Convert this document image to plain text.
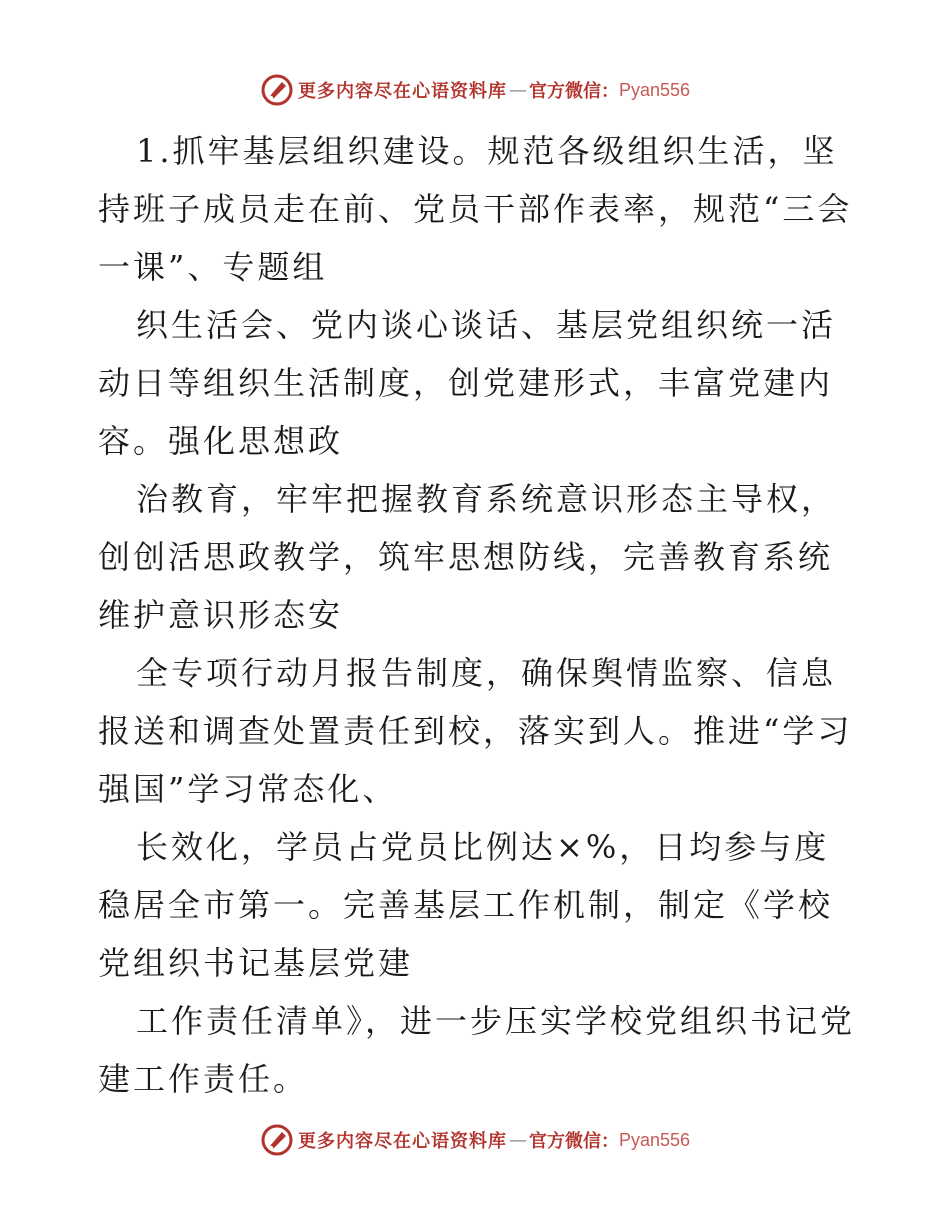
更多内容尽在心语资料库 — 官方微信： Pyan556

1.抓牢基层组织建设。规范各级组织生活，坚持班子成员走在前、党员干部作表率，规范“三会一课”、专题组

织生活会、党内谈心谈话、基层党组织统一活动日等组织生活制度，创党建形式，丰富党建内容。强化思想政

治教育，牢牢把握教育系统意识形态主导权，创创活思政教学，筑牢思想防线，完善教育系统维护意识形态安

全专项行动月报告制度，确保舆情监察、信息报送和调查处置责任到校，落实到人。推进“学习强国”学习常态化、

长效化，学员占党员比例达×%，日均参与度稳居全市第一。完善基层工作机制，制定《学校党组织书记基层党建

工作责任清单》，进一步压实学校党组织书记党建工作责任。

更多内容尽在心语资料库 — 官方微信： Pyan556
